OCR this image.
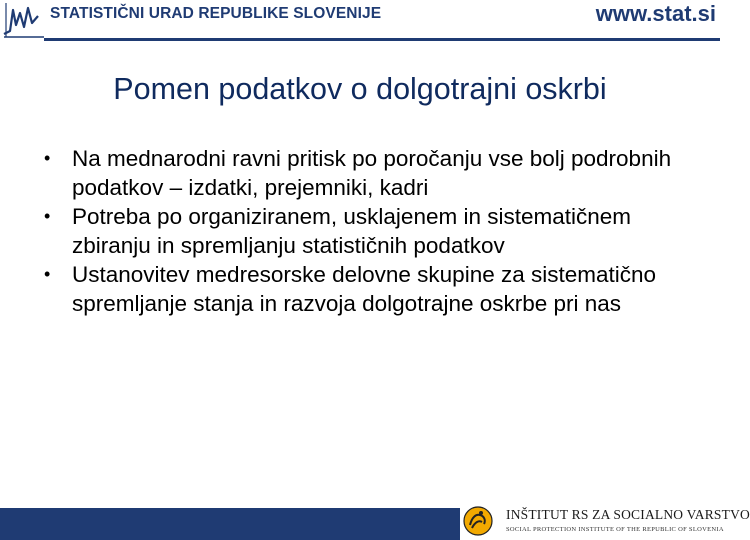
STATISTIČNI URAD REPUBLIKE SLOVENIJE	www.stat.si
Pomen podatkov o dolgotrajni oskrbi
• Na mednarodni ravni pritisk po poročanju vse bolj podrobnih podatkov – izdatki, prejemniki, kadri
• Potreba po organiziranem, usklajenem in sistematičnem zbiranju in spremljanju statističnih podatkov
• Ustanovitev medresorske delovne skupine za sistematično spremljanje stanja in razvoja dolgotrajne oskrbe pri nas
INŠTITUT RS ZA SOCIALNO VARSTVO
SOCIAL PROTECTION INSTITUTE OF THE REPUBLIC OF SLOVENIA
